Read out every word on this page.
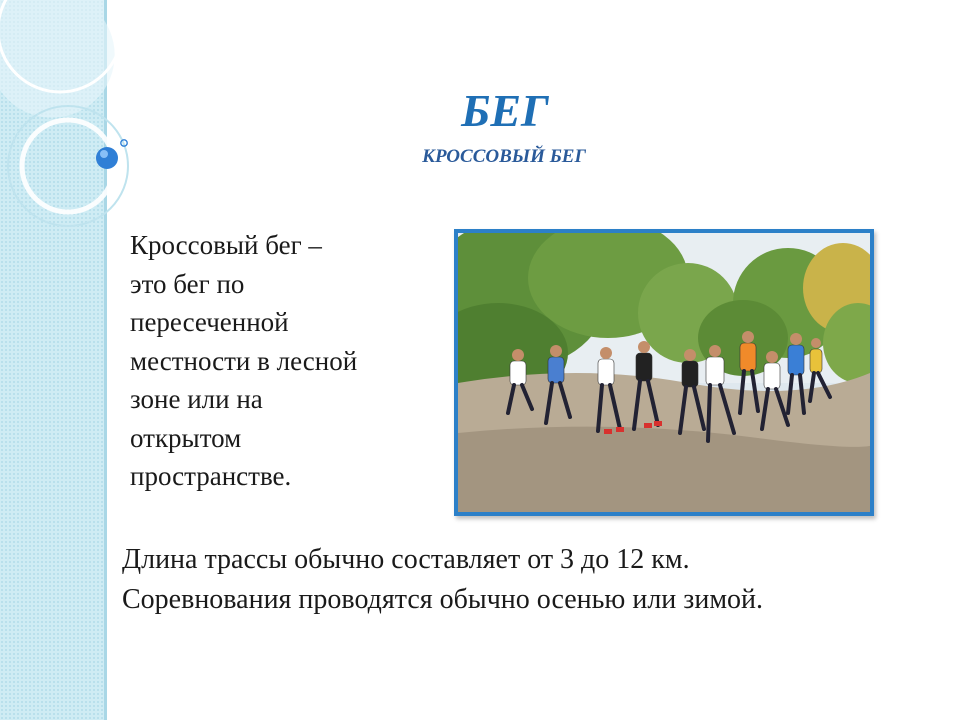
БЕГ
КРОССОВЫЙ БЕГ

Кроссовый бег –
это бег по
пересеченной
местности в лесной
зоне или на
открытом
пространстве.

Длина трассы обычно составляет от 3 до 12 км.
Соревнования проводятся обычно осенью или зимой.
